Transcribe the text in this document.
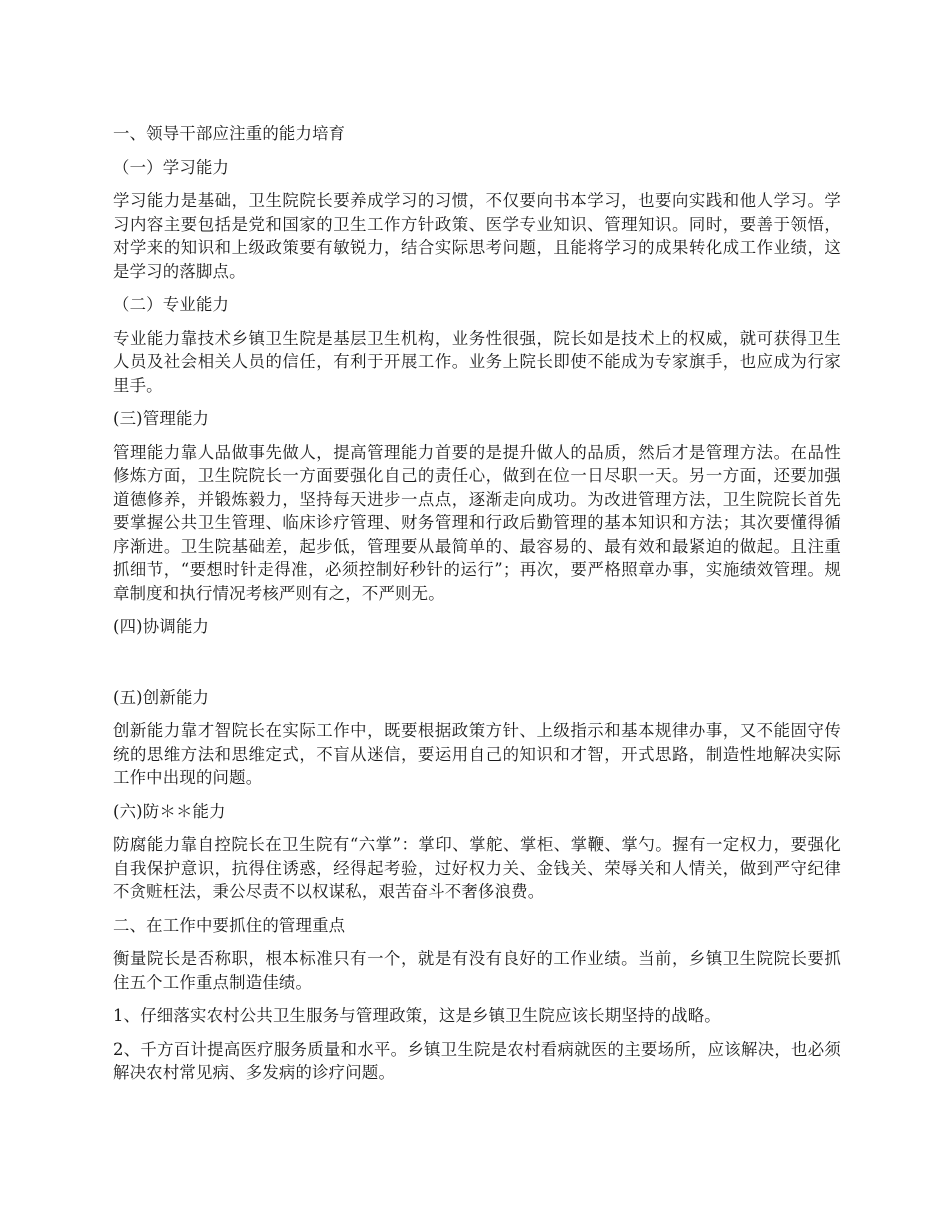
一、领导干部应注重的能力培育

（一）学习能力

学习能力是基础，卫生院院长要养成学习的习惯，不仅要向书本学习，也要向实践和他人学习。学习内容主要包括是党和国家的卫生工作方针政策、医学专业知识、管理知识。同时，要善于领悟，对学来的知识和上级政策要有敏锐力，结合实际思考问题，且能将学习的成果转化成工作业绩，这是学习的落脚点。

（二）专业能力

专业能力靠技术乡镇卫生院是基层卫生机构，业务性很强，院长如是技术上的权威，就可获得卫生人员及社会相关人员的信任，有利于开展工作。业务上院长即使不能成为专家旗手，也应成为行家里手。

(三)管理能力

管理能力靠人品做事先做人，提高管理能力首要的是提升做人的品质，然后才是管理方法。在品性修炼方面，卫生院院长一方面要强化自己的责任心，做到在位一日尽职一天。另一方面，还要加强道德修养，并锻炼毅力，坚持每天进步一点点，逐渐走向成功。为改进管理方法，卫生院院长首先要掌握公共卫生管理、临床诊疗管理、财务管理和行政后勤管理的基本知识和方法；其次要懂得循序渐进。卫生院基础差，起步低，管理要从最简单的、最容易的、最有效和最紧迫的做起。且注重抓细节，“要想时针走得准，必须控制好秒针的运行”；再次，要严格照章办事，实施绩效管理。规章制度和执行情况考核严则有之，不严则无。

(四)协调能力

(五)创新能力

创新能力靠才智院长在实际工作中，既要根据政策方针、上级指示和基本规律办事，又不能固守传统的思维方法和思维定式，不盲从迷信，要运用自己的知识和才智，开式思路，制造性地解决实际工作中出现的问题。

(六)防＊＊能力

防腐能力靠自控院长在卫生院有“六掌”：掌印、掌舵、掌柜、掌鞭、掌勺。握有一定权力，要强化自我保护意识，抗得住诱惑，经得起考验，过好权力关、金钱关、荣辱关和人情关，做到严守纪律不贪赃枉法，秉公尽责不以权谋私，艰苦奋斗不奢侈浪费。

二、在工作中要抓住的管理重点

衡量院长是否称职，根本标准只有一个，就是有没有良好的工作业绩。当前，乡镇卫生院院长要抓住五个工作重点制造佳绩。

1、仔细落实农村公共卫生服务与管理政策，这是乡镇卫生院应该长期坚持的战略。

2、千方百计提高医疗服务质量和水平。乡镇卫生院是农村看病就医的主要场所，应该解决，也必须解决农村常见病、多发病的诊疗问题。
